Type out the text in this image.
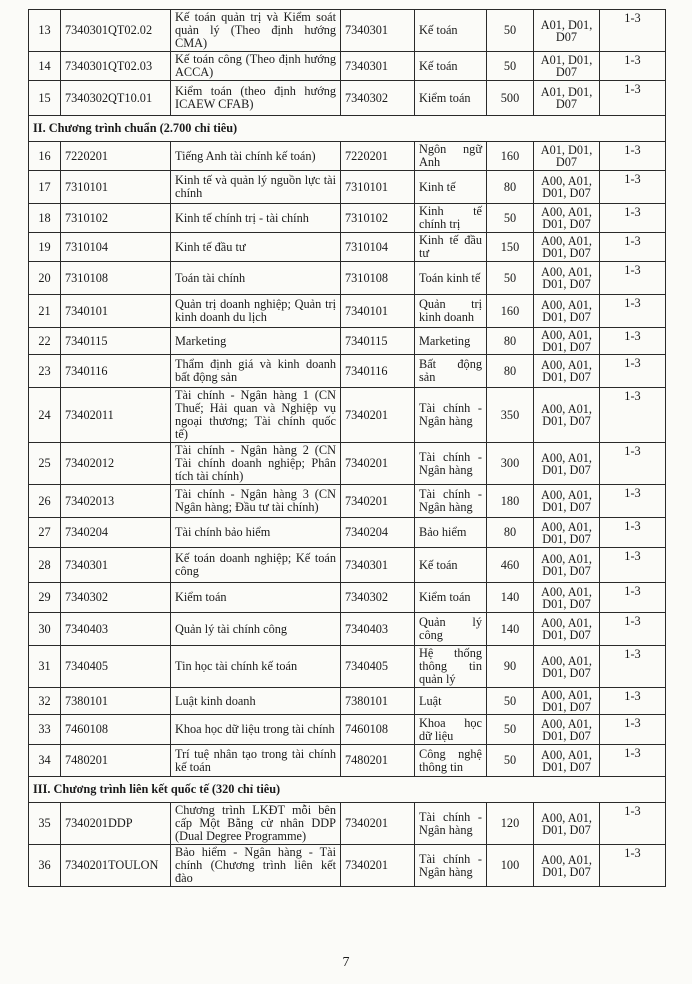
13	7340301QT02.02	Kế toán quản trị và Kiểm soát quản lý (Theo định hướng CMA)	7340301	Kế toán	50	A01, D01, D07	1-3
14	7340301QT02.03	Kế toán công (Theo định hướng ACCA)	7340301	Kế toán	50	A01, D01, D07	1-3
15	7340302QT10.01	Kiểm toán (theo định hướng ICAEW CFAB)	7340302	Kiểm toán	500	A01, D01, D07	1-3
II. Chương trình chuẩn (2.700 chỉ tiêu)							
16	7220201	Tiếng Anh tài chính kế toán)	7220201	Ngôn ngữ Anh	160	A01, D01, D07	1-3
17	7310101	Kinh tế và quản lý nguồn lực tài chính	7310101	Kinh tế	80	A00, A01, D01, D07	1-3
18	7310102	Kinh tế chính trị - tài chính	7310102	Kinh tế chính trị	50	A00, A01, D01, D07	1-3
19	7310104	Kinh tế đầu tư	7310104	Kinh tế đầu tư	150	A00, A01, D01, D07	1-3
20	7310108	Toán tài chính	7310108	Toán kinh tế	50	A00, A01, D01, D07	1-3
21	7340101	Quản trị doanh nghiệp; Quản trị kinh doanh du lịch	7340101	Quản trị kinh doanh	160	A00, A01, D01, D07	1-3
22	7340115	Marketing	7340115	Marketing	80	A00, A01, D01, D07	1-3
23	7340116	Thẩm định giá và kinh doanh bất động sản	7340116	Bất động sản	80	A00, A01, D01, D07	1-3
24	73402011	Tài chính - Ngân hàng 1 (CN Thuế; Hải quan và Nghiệp vụ ngoại thương; Tài chính quốc tế)	7340201	Tài chính - Ngân hàng	350	A00, A01, D01, D07	1-3
25	73402012	Tài chính - Ngân hàng 2 (CN Tài chính doanh nghiệp; Phân tích tài chính)	7340201	Tài chính - Ngân hàng	300	A00, A01, D01, D07	1-3
26	73402013	Tài chính - Ngân hàng 3 (CN Ngân hàng; Đầu tư tài chính)	7340201	Tài chính - Ngân hàng	180	A00, A01, D01, D07	1-3
27	7340204	Tài chính bảo hiểm	7340204	Bảo hiểm	80	A00, A01, D01, D07	1-3
28	7340301	Kế toán doanh nghiệp; Kế toán công	7340301	Kế toán	460	A00, A01, D01, D07	1-3
29	7340302	Kiểm toán	7340302	Kiểm toán	140	A00, A01, D01, D07	1-3
30	7340403	Quản lý tài chính công	7340403	Quản lý công	140	A00, A01, D01, D07	1-3
31	7340405	Tin học tài chính kế toán	7340405	Hệ thống thông tin quản lý	90	A00, A01, D01, D07	1-3
32	7380101	Luật kinh doanh	7380101	Luật	50	A00, A01, D01, D07	1-3
33	7460108	Khoa học dữ liệu trong tài chính	7460108	Khoa học dữ liệu	50	A00, A01, D01, D07	1-3
34	7480201	Trí tuệ nhân tạo trong tài chính kế toán	7480201	Công nghệ thông tin	50	A00, A01, D01, D07	1-3
III. Chương trình liên kết quốc tế (320 chỉ tiêu)							
35	7340201DDP	Chương trình LKĐT mỗi bên cấp Một Bằng cử nhân DDP (Dual Degree Programme)	7340201	Tài chính - Ngân hàng	120	A00, A01, D01, D07	1-3
36	7340201TOULON	Bảo hiểm - Ngân hàng - Tài chính (Chương trình liên kết đào	7340201	Tài chính - Ngân hàng	100	A00, A01, D01, D07	1-3
7
